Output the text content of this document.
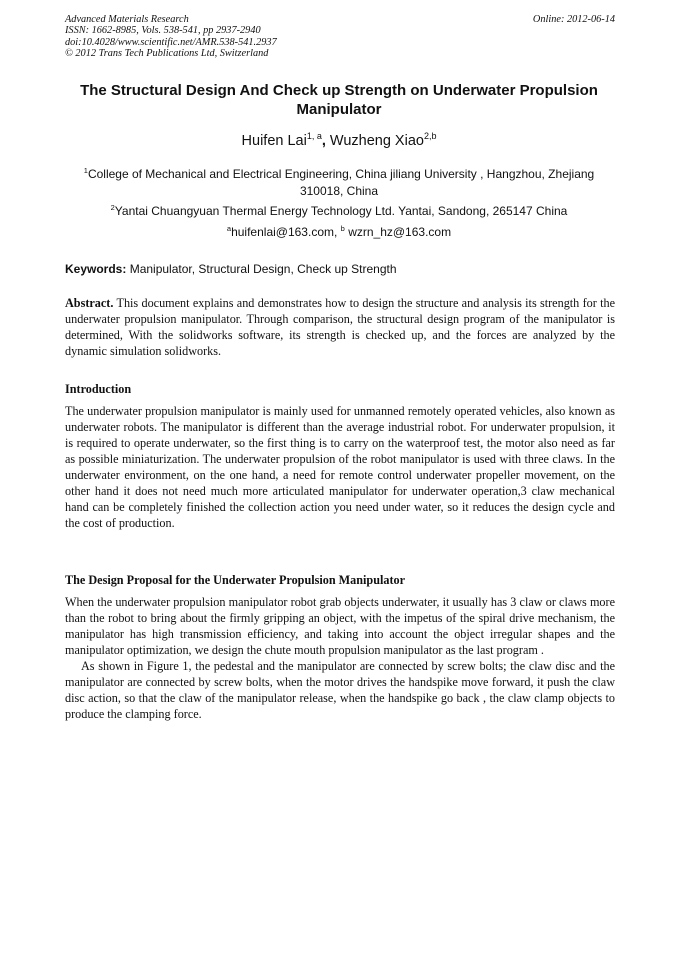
Advanced Materials Research
ISSN: 1662-8985, Vols. 538-541, pp 2937-2940
doi:10.4028/www.scientific.net/AMR.538-541.2937
© 2012 Trans Tech Publications Ltd, Switzerland
Online: 2012-06-14
The Structural Design And Check up Strength on Underwater Propulsion Manipulator
Huifen Lai$^{1, a}$, Wuzheng Xiao$^{2,b}$
$^1$College of Mechanical and Electrical Engineering, China jiliang University , Hangzhou, Zhejiang 310018, China
$^2$Yantai Chuangyuan Thermal Energy Technology Ltd. Yantai, Sandong, 265147 China
$^a$huifenlai@163.com, $^b$ wzrn_hz@163.com
Keywords: Manipulator, Structural Design, Check up Strength
Abstract. This document explains and demonstrates how to design the structure and analysis its strength for the underwater propulsion manipulator. Through comparison, the structural design program of the manipulator is determined, With the solidworks software, its strength is checked up, and the forces are analyzed by the dynamic simulation solidworks.
Introduction
The underwater propulsion manipulator is mainly used for unmanned remotely operated vehicles, also known as underwater robots. The manipulator is different than the average industrial robot. For underwater propulsion, it is required to operate underwater, so the first thing is to carry on the waterproof test, the motor also need as far as possible miniaturization. The underwater propulsion of the robot manipulator is used with three claws. In the underwater environment, on the one hand, a need for remote control underwater propeller movement, on the other hand it does not need much more articulated manipulator for underwater operation,3 claw mechanical hand can be completely finished the collection action you need under water, so it reduces the design cycle and the cost of production.
The Design Proposal for the Underwater Propulsion Manipulator

When the underwater propulsion manipulator robot grab objects underwater, it usually has 3 claw or claws more than the robot to bring about the firmly gripping an object, with the impetus of the spiral drive mechanism, the manipulator has high transmission efficiency, and taking into account the object irregular shapes and the manipulator optimization, we design the chute mouth propulsion manipulator as the last program .

As shown in Figure 1, the pedestal and the manipulator are connected by screw bolts; the claw disc and the manipulator are connected by screw bolts, when the motor drives the handspike move forward, it push the claw disc action, so that the claw of the manipulator release, when the handspike go back , the claw clamp objects to produce the clamping force.
